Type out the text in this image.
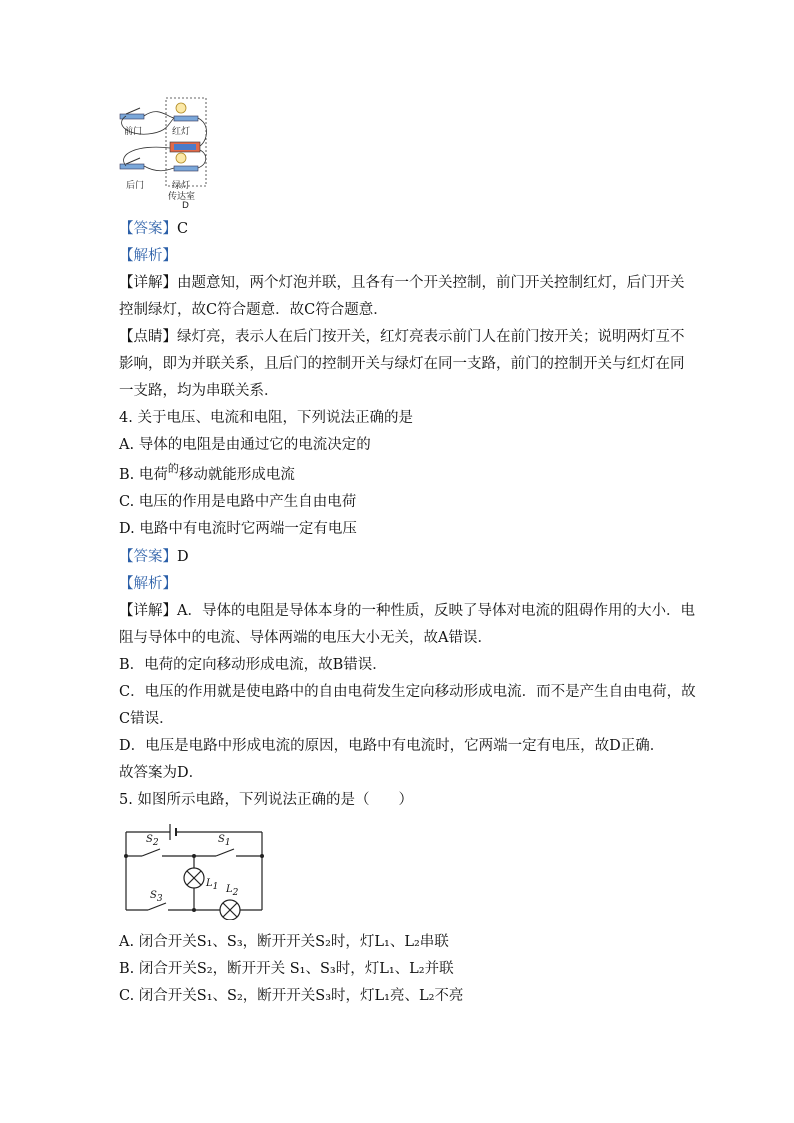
前门	红灯
后门	绿灯
传达室
D
【答案】C
【解析】
【详解】由题意知，两个灯泡并联，且各有一个开关控制，前门开关控制红灯，后门开关
控制绿灯，故C符合题意．故C符合题意．
【点睛】绿灯亮，表示人在后门按开关，红灯亮表示前门人在前门按开关；说明两灯互不
影响，即为并联关系，且后门的控制开关与绿灯在同一支路，前门的控制开关与红灯在同
一支路，均为串联关系．
4. 关于电压、电流和电阻，下列说法正确的是
A. 导体的电阻是由通过它的电流决定的
B. 电荷$^的$移动就能形成电流
C. 电压的作用是电路中产生自由电荷
D. 电路中有电流时它两端一定有电压
【答案】D
【解析】
【详解】A．导体的电阻是导体本身的一种性质，反映了导体对电流的阻碍作用的大小．电
阻与导体中的电流、导体两端的电压大小无关，故A错误．
B．电荷的定向移动形成电流，故B错误．
C．电压的作用就是使电路中的自由电荷发生定向移动形成电流．而不是产生自由电荷，故
C错误．
D．电压是电路中形成电流的原因，电路中有电流时，它两端一定有电压，故D正确．
故答案为D．
5. 如图所示电路，下列说法正确的是（　　）
$S_2$	$S_1$
$S_3$
$L_1$ $L_2$
A. 闭合开关S₁、S₃，断开开关S₂时，灯L₁、L₂串联
B. 闭合开关S₂，断开开关 S₁、S₃时，灯L₁、L₂并联
C. 闭合开关S₁、S₂，断开开关S₃时，灯L₁亮、L₂不亮
